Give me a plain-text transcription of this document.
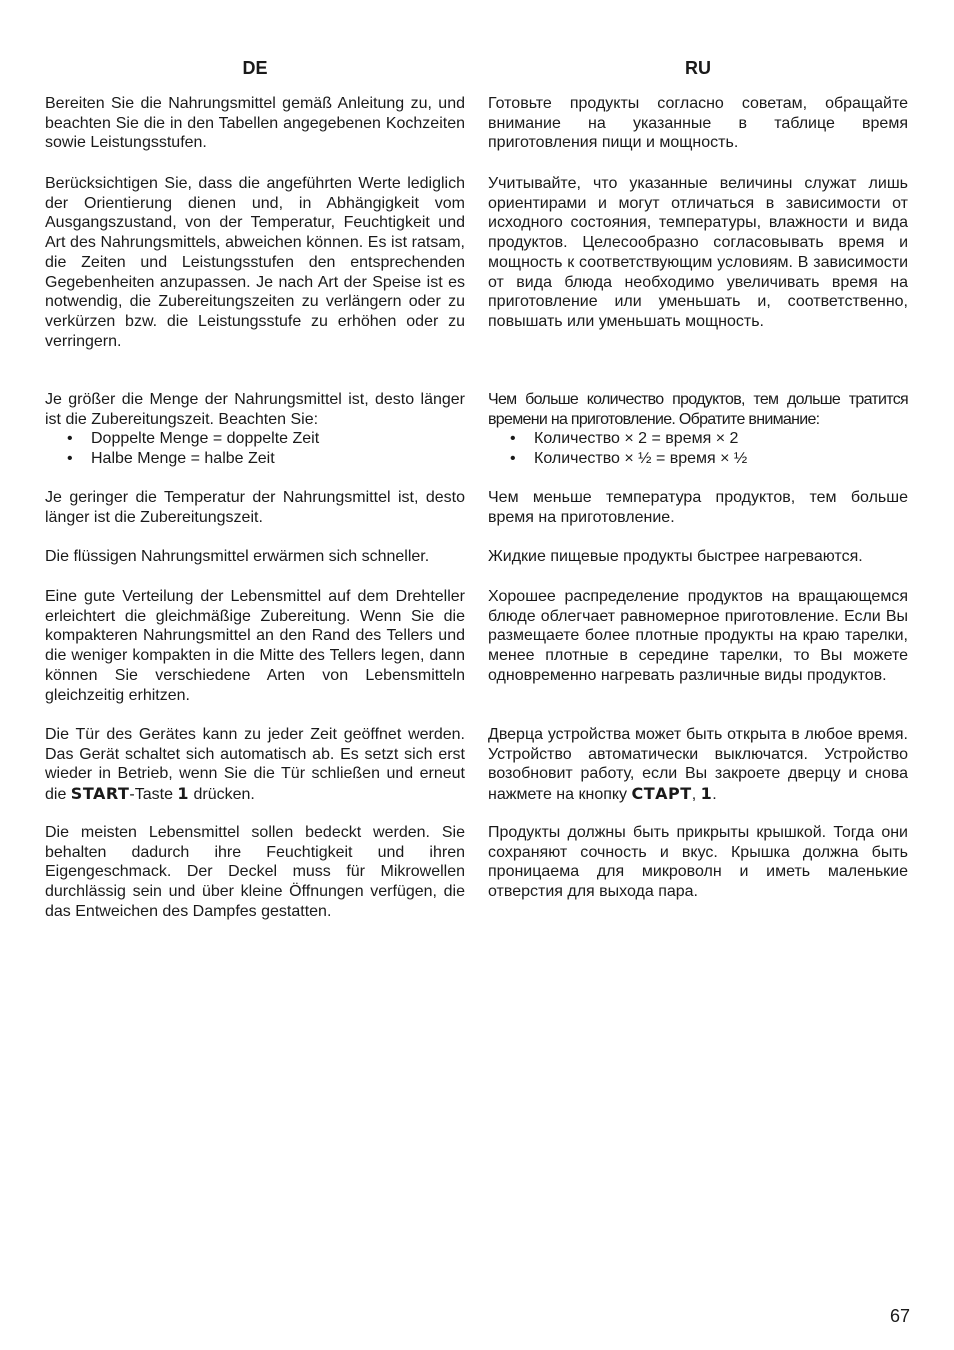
DE

Bereiten Sie die Nahrungsmittel gemäß Anleitung zu, und beachten Sie die in den Tabellen angegebenen Kochzeiten sowie Leistungsstufen.

Berücksichtigen Sie, dass die angeführten Werte lediglich der Orientierung dienen und, in Abhängigkeit vom Ausgangszustand, von der Temperatur, Feuchtigkeit und Art des Nahrungsmittels, abweichen können. Es ist ratsam, die Zeiten und Leistungsstufen den entsprechenden Gegebenheiten anzupassen. Je nach Art der Speise ist es notwendig, die Zubereitungszeiten zu verlängern oder zu verkürzen bzw. die Leistungsstufe zu erhöhen oder zu verringern.

Je größer die Menge der Nahrungsmittel ist, desto länger ist die Zubereitungszeit. Beachten Sie:

• Doppelte Menge = doppelte Zeit
• Halbe Menge = halbe Zeit

Je geringer die Temperatur der Nahrungsmittel ist, desto länger ist die Zubereitungszeit.

Die flüssigen Nahrungsmittel erwärmen sich schneller.

Eine gute Verteilung der Lebensmittel auf dem Drehteller erleichtert die gleichmäßige Zubereitung. Wenn Sie die kompakteren Nahrungsmittel an den Rand des Tellers und die weniger kompakten in die Mitte des Tellers legen, dann können Sie verschiedene Arten von Lebensmitteln gleichzeitig erhitzen.

Die Tür des Gerätes kann zu jeder Zeit geöffnet werden. Das Gerät schaltet sich automatisch ab. Es setzt sich erst wieder in Betrieb, wenn Sie die Tür schließen und erneut die START-Taste 1 drücken.

Die meisten Lebensmittel sollen bedeckt werden. Sie behalten dadurch ihre Feuchtigkeit und ihren Eigengeschmack. Der Deckel muss für Mikrowellen durchlässig sein und über kleine Öffnungen verfügen, die das Entweichen des Dampfes gestatten.

RU

Готовьте продукты согласно советам, обращайте внимание на указанные в таблице время приготовления пищи и мощность.

Учитывайте, что указанные величины служат лишь ориентирами и могут отличаться в зависимости от исходного состояния, температуры, влажности и вида продуктов. Целесообразно согласовывать время и мощность к соответствующим условиям. В зависимости от вида блюда необходимо увеличивать время на приготовление или уменьшать и, соответственно, повышать или уменьшать мощность.

Чем больше количество продуктов, тем дольше тратится времени на приготовление. Обратите внимание:

• Количество × 2 = время × 2
• Количество × ½ = время × ½

Чем меньше температура продуктов, тем больше время на приготовление.

Жидкие пищевые продукты быстрее нагреваются.

Хорошее распределение продуктов на вращающемся блюде облегчает равномерное приготовление. Если Вы размещаете более плотные продукты на краю тарелки, менее плотные в середине тарелки, то Вы можете одновременно нагревать различные виды продуктов.

Дверца устройства может быть открыта в любое время. Устройство автоматически выключатся. Устройство возобновит работу, если Вы закроете дверцу и снова нажмете на кнопку СТАРТ, 1.

Продукты должны быть прикрыты крышкой. Тогда они сохраняют сочность и вкус. Крышка должна быть проницаема для микроволн и иметь маленькие отверстия для выхода пара.

67
